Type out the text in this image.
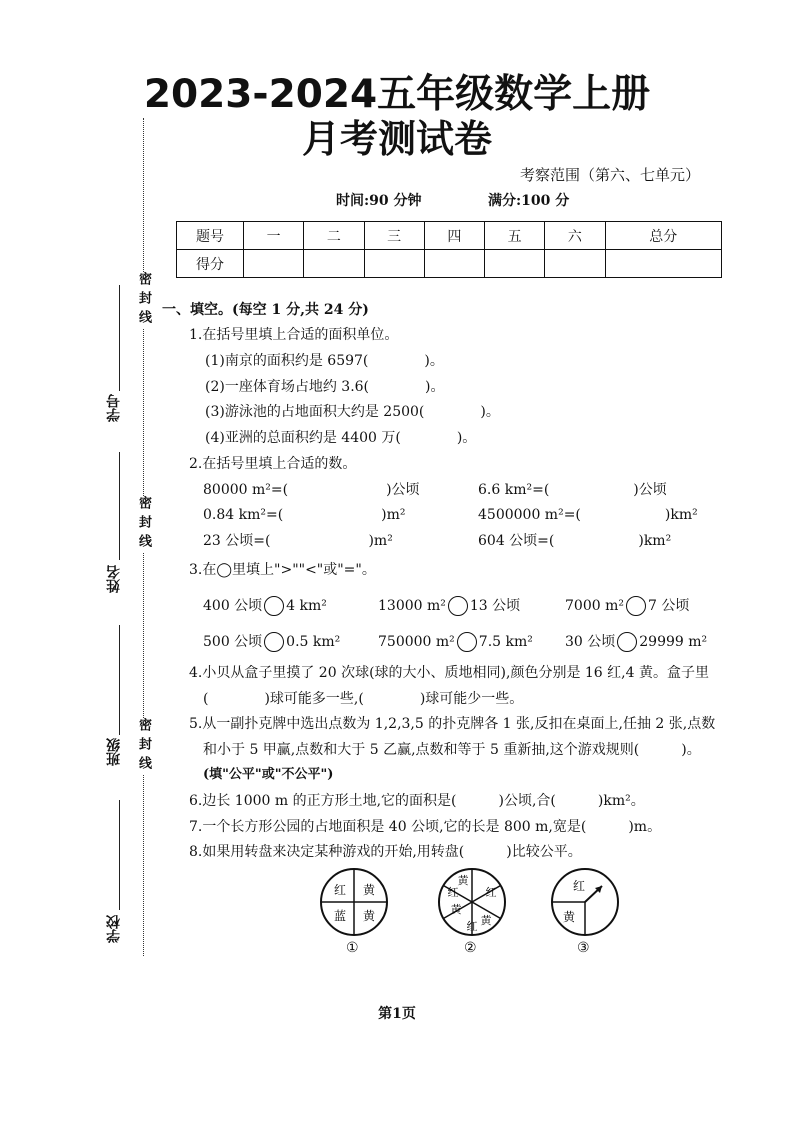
2023-2024五年级数学上册
月考测试卷
考察范围（第六、七单元）
时间:90 分钟	满分:100 分
题号	一	二	三	四	五	六	总分
得分							
密封线
密封线
密封线
学号
姓名
班级
学校
一、填空。(每空 1 分,共 24 分)
1.在括号里填上合适的面积单位。
(1)南京的面积约是 6597(　　　　)。
(2)一座体育场占地约 3.6(　　　　)。
(3)游泳池的占地面积大约是 2500(　　　　)。
(4)亚洲的总面积约是 4400 万(　　　　)。
2.在括号里填上合适的数。
80000 m²=(　　　　　　　)公顷	6.6 km²=(　　　　　　)公顷
0.84 km²=(　　　　　　　)m²	4500000 m²=(　　　　　　)km²
23 公顷=(　　　　　　　)m²	604 公顷=(　　　　　　)km²
3.在◯里填上">""<"或"="。
400 公顷 4 km²	13000 m² 13 公顷	7000 m² 7 公顷
500 公顷 0.5 km²	750000 m² 7.5 km² 30 公顷 29999 m²
4.小贝从盒子里摸了 20 次球(球的大小、质地相同),颜色分别是 16 红,4 黄。盒子里
(　　　　)球可能多一些,(　　　　)球可能少一些。
5.从一副扑克牌中选出点数为 1,2,3,5 的扑克牌各 1 张,反扣在桌面上,任抽 2 张,点数
和小于 5 甲赢,点数和大于 5 乙赢,点数和等于 5 重新抽,这个游戏规则(　　　)。
(填"公平"或"不公平")
6.边长 1000 m 的正方形土地,它的面积是(　　　)公顷,合(　　　)km²。
7.一个长方形公园的占地面积是 40 公顷,它的长是 800 m,宽是(　　　)m。
8.如果用转盘来决定某种游戏的开始,用转盘(　　　)比较公平。
红 黄
蓝 黄
①
黄
红
黄
黄
红
红
②
红
黄
③
第1页
